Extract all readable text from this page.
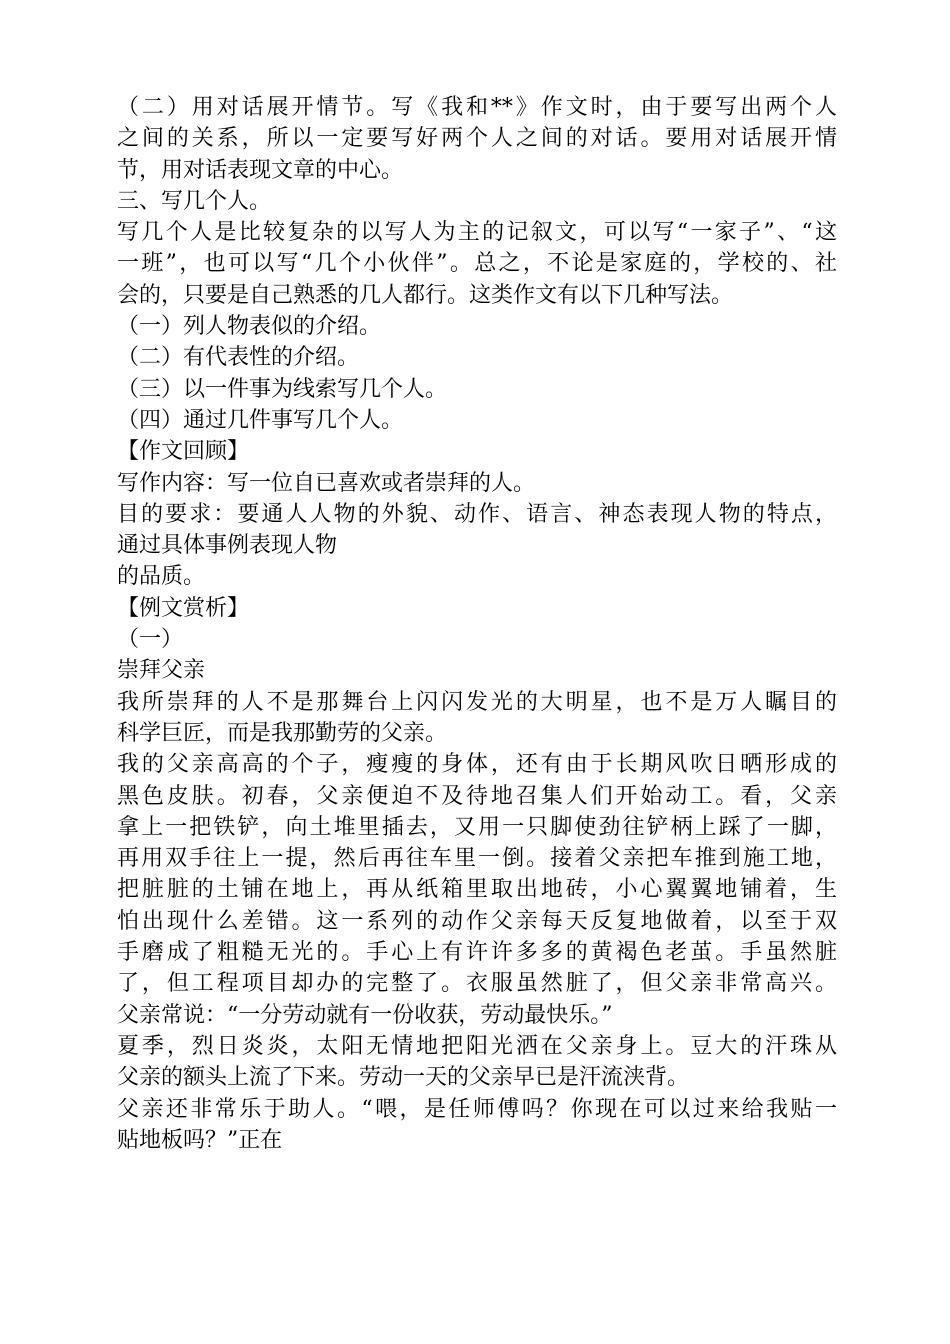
（二）用对话展开情节。写《我和**》作文时，由于要写出两个人
之间的关系，所以一定要写好两个人之间的对话。要用对话展开情
节，用对话表现文章的中心。
三、写几个人。
写几个人是比较复杂的以写人为主的记叙文，可以写“一家子”、“这
一班”，也可以写“几个小伙伴”。总之，不论是家庭的，学校的、社
会的，只要是自己熟悉的几人都行。这类作文有以下几种写法。
（一）列人物表似的介绍。
（二）有代表性的介绍。
（三）以一件事为线索写几个人。
（四）通过几件事写几个人。
【作文回顾】
写作内容：写一位自已喜欢或者崇拜的人。
目的要求：要通人人物的外貌、动作、语言、神态表现人物的特点，
通过具体事例表现人物
的品质。
【例文赏析】
（一）
崇拜父亲
我所崇拜的人不是那舞台上闪闪发光的大明星，也不是万人瞩目的
科学巨匠，而是我那勤劳的父亲。
我的父亲高高的个子，瘦瘦的身体，还有由于长期风吹日晒形成的
黑色皮肤。初春，父亲便迫不及待地召集人们开始动工。看，父亲
拿上一把铁铲，向土堆里插去，又用一只脚使劲往铲柄上踩了一脚，
再用双手往上一提，然后再往车里一倒。接着父亲把车推到施工地，
把脏脏的土铺在地上，再从纸箱里取出地砖，小心翼翼地铺着，生
怕出现什么差错。这一系列的动作父亲每天反复地做着，以至于双
手磨成了粗糙无光的。手心上有许许多多的黄褐色老茧。手虽然脏
了，但工程项目却办的完整了。衣服虽然脏了，但父亲非常高兴。
父亲常说：“一分劳动就有一份收获，劳动最快乐。”
夏季，烈日炎炎，太阳无情地把阳光洒在父亲身上。豆大的汗珠从
父亲的额头上流了下来。劳动一天的父亲早已是汗流浃背。
父亲还非常乐于助人。“喂，是任师傅吗？你现在可以过来给我贴一
贴地板吗？”正在
